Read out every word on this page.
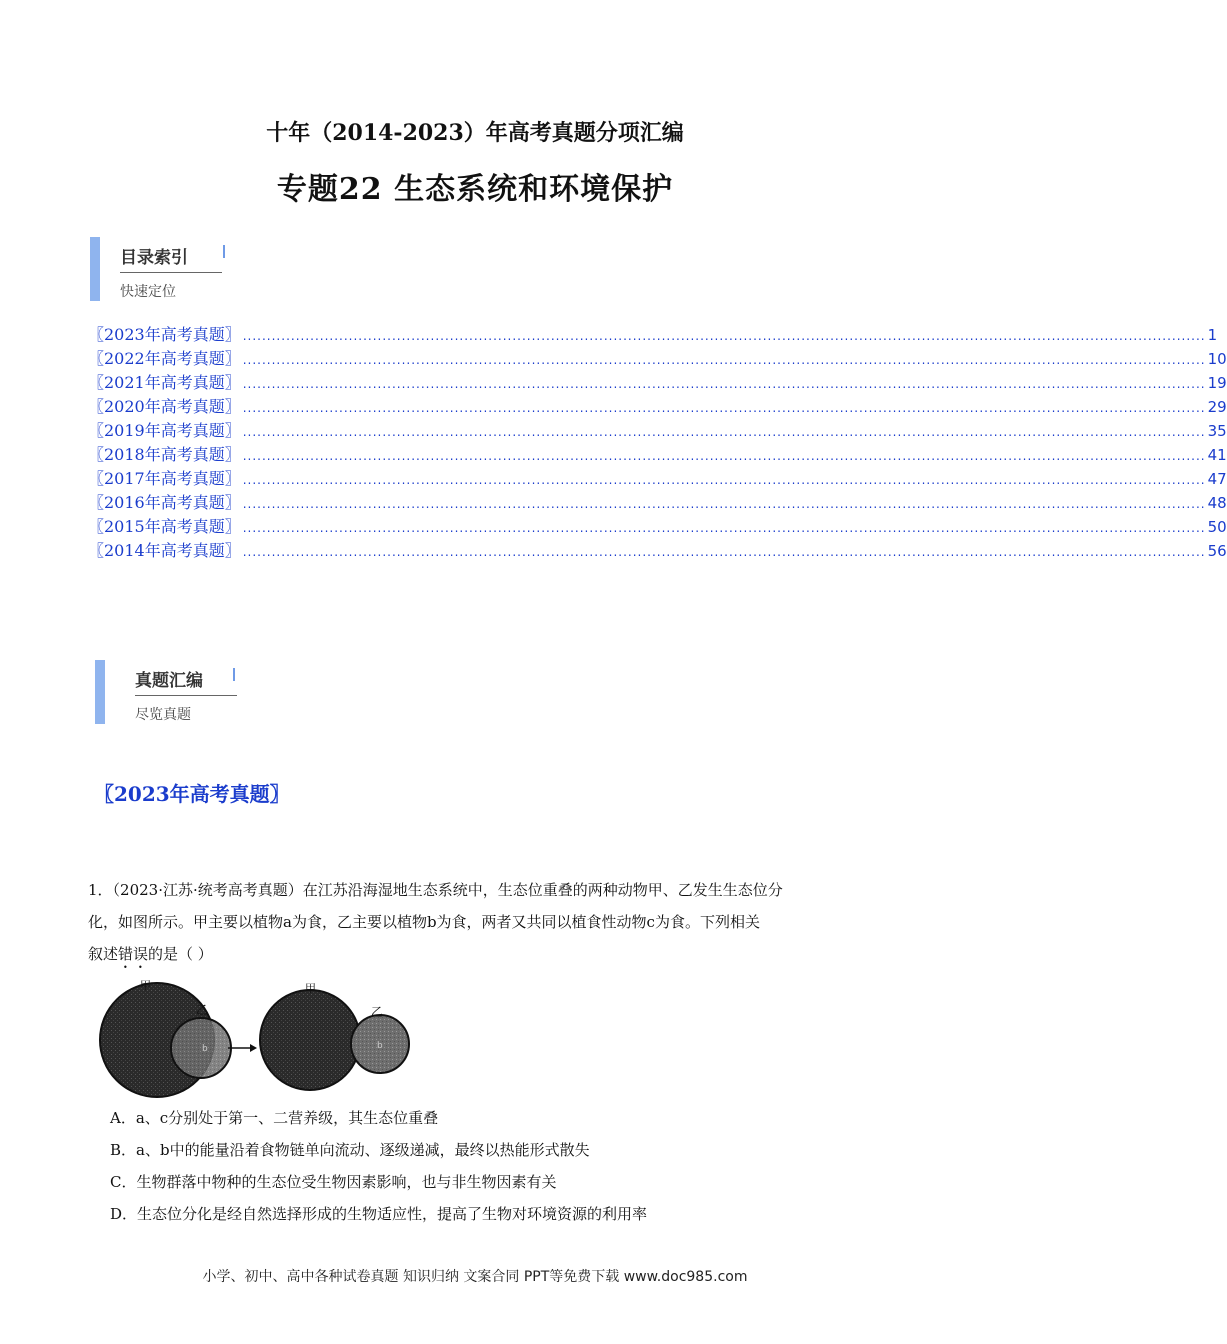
十年（2014-2023）年高考真题分项汇编
专题22 生态系统和环境保护
目录索引
快速定位
〖2023年高考真题〗 ........................................................................................................................................................................................................ 1
〖2022年高考真题〗 ........................................................................................................................................................................................................ 10
〖2021年高考真题〗 ........................................................................................................................................................................................................ 19
〖2020年高考真题〗 ........................................................................................................................................................................................................ 29
〖2019年高考真题〗 ........................................................................................................................................................................................................ 35
〖2018年高考真题〗 ........................................................................................................................................................................................................ 41
〖2017年高考真题〗 ........................................................................................................................................................................................................ 47
〖2016年高考真题〗 ........................................................................................................................................................................................................ 48
〖2015年高考真题〗 ........................................................................................................................................................................................................ 50
〖2014年高考真题〗 ........................................................................................................................................................................................................ 56
真题汇编
尽览真题
〖2023年高考真题〗
1．（2023·江苏·统考高考真题）在江苏沿海湿地生态系统中，生态位重叠的两种动物甲、乙发生生态位分
化，如图所示。甲主要以植物a为食，乙主要以植物b为食，两者又共同以植食性动物c为食。下列相关
叙述错误的是（ ）
甲
乙
b
甲
乙
b
A．a、c分别处于第一、二营养级，其生态位重叠
B．a、b中的能量沿着食物链单向流动、逐级递减，最终以热能形式散失
C．生物群落中物种的生态位受生物因素影响，也与非生物因素有关
D．生态位分化是经自然选择形成的生物适应性，提高了生物对环境资源的利用率
小学、初中、高中各种试卷真题 知识归纳 文案合同 PPT等免费下载 www.doc985.com
